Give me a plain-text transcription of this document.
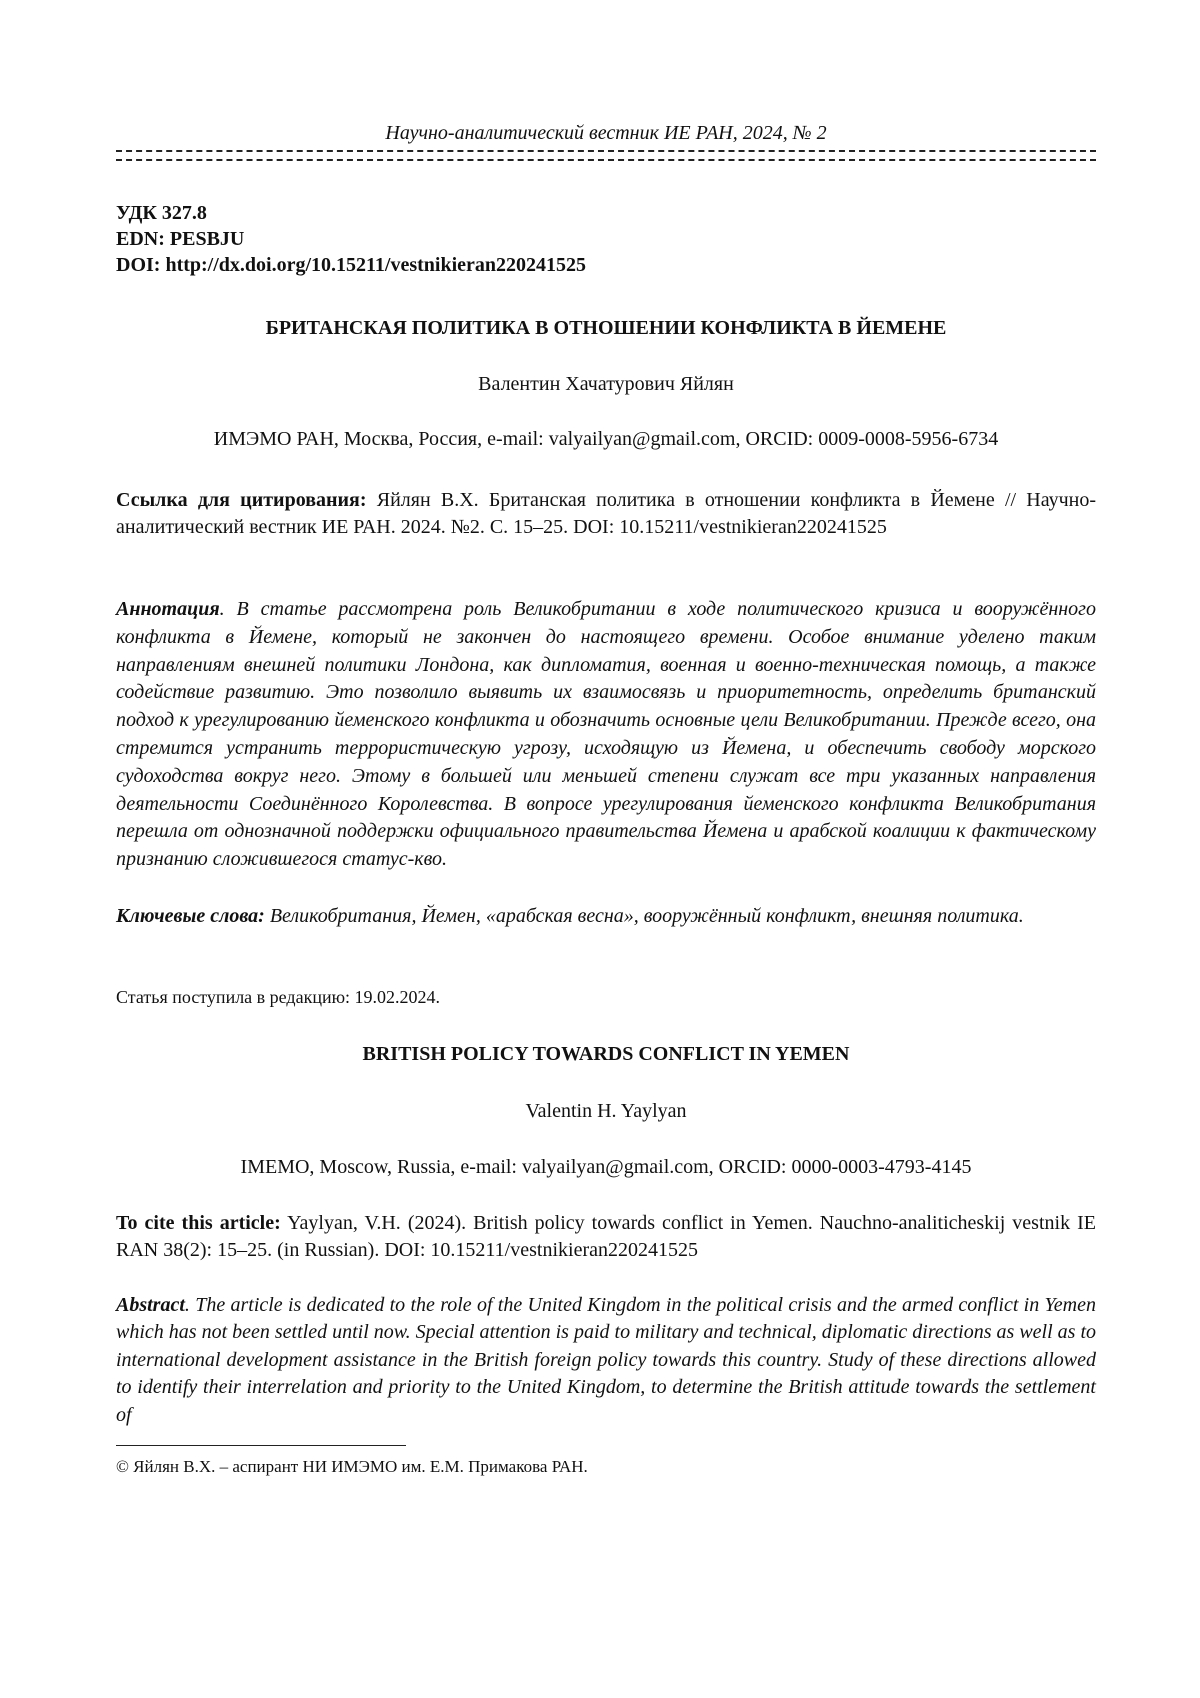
Научно-аналитический вестник ИЕ РАН, 2024, № 2
УДК 327.8
EDN: PESBJU
DOI: http://dx.doi.org/10.15211/vestnikieran220241525
БРИТАНСКАЯ ПОЛИТИКА В ОТНОШЕНИИ КОНФЛИКТА В ЙЕМЕНЕ
Валентин Хачатурович Яйлян
ИМЭМО РАН, Москва, Россия, e-mail: valyailyan@gmail.com, ORCID: 0009-0008-5956-6734
Ссылка для цитирования: Яйлян В.Х. Британская политика в отношении конфликта в Йемене // Научно-аналитический вестник ИЕ РАН. 2024. №2. С. 15–25. DOI: 10.15211/vestnikieran220241525
Аннотация. В статье рассмотрена роль Великобритании в ходе политического кризиса и вооружённого конфликта в Йемене, который не закончен до настоящего времени. Особое внимание уделено таким направлениям внешней политики Лондона, как дипломатия, военная и военно-техническая помощь, а также содействие развитию. Это позволило выявить их взаимосвязь и приоритетность, определить британский подход к урегулированию йеменского конфликта и обозначить основные цели Великобритании. Прежде всего, она стремится устранить террористическую угрозу, исходящую из Йемена, и обеспечить свободу морского судоходства вокруг него. Этому в большей или меньшей степени служат все три указанных направления деятельности Соединённого Королевства. В вопросе урегулирования йеменского конфликта Великобритания перешла от однозначной поддержки официального правительства Йемена и арабской коалиции к фактическому признанию сложившегося статус-кво.
Ключевые слова: Великобритания, Йемен, «арабская весна», вооружённый конфликт, внешняя политика.
Статья поступила в редакцию: 19.02.2024.
BRITISH POLICY TOWARDS CONFLICT IN YEMEN
Valentin H. Yaylyan
IMEMO, Moscow, Russia, e-mail: valyailyan@gmail.com, ORCID: 0000-0003-4793-4145
To cite this article: Yaylyan, V.H. (2024). British policy towards conflict in Yemen. Nauchno-analiticheskij vestnik IE RAN 38(2): 15–25. (in Russian). DOI: 10.15211/vestnikieran220241525
Abstract. The article is dedicated to the role of the United Kingdom in the political crisis and the armed conflict in Yemen which has not been settled until now. Special attention is paid to military and technical, diplomatic directions as well as to international development assistance in the British foreign policy towards this country. Study of these directions allowed to identify their interrelation and priority to the United Kingdom, to determine the British attitude towards the settlement of
© Яйлян В.Х. – аспирант НИ ИМЭМО им. Е.М. Примакова РАН.
